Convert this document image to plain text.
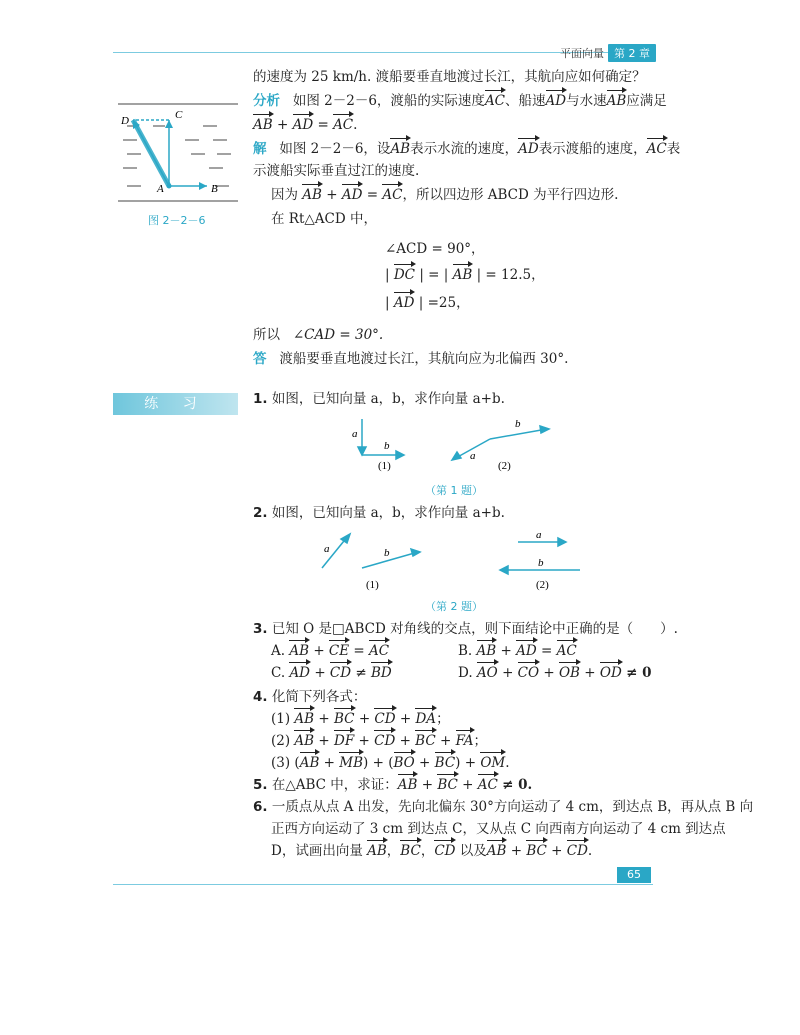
平面向量 第 2 章
D	C
A	B
图 2－2－6
的速度为 25 km/h. 渡船要垂直地渡过长江，其航向应如何确定？
分析 如图 2－2－6，渡船的实际速度AC、船速AD与水速AB应满足
AB + AD = AC.
解 如图 2－2－6，设AB表示水流的速度，AD表示渡船的速度，AC表
示渡船实际垂直过江的速度.
因为 AB + AD = AC，所以四边形 ABCD 为平行四边形.
在 Rt△ACD 中，
∠ACD = 90°，
| DC | = | AB | = 12.5，
| AD | =25，
所以 ∠CAD = 30°.
答 渡船要垂直地渡过长江，其航向应为北偏西 30°.
练 习	1. 如图，已知向量 a，b，求作向量 a+b.
a
b
b
a
(1)	(2)
（第 1 题）
2. 如图，已知向量 a，b，求作向量 a+b.
a	b
a
b
(1)	(2)
（第 2 题）
3. 已知 O 是□ABCD 对角线的交点，则下面结论中正确的是（　　）.
A. AB + CE = AC	B. AB + AD = AC
C. AD + CD ≠ BD	D. AO + CO + OB + OD ≠ 0
4. 化简下列各式：
(1) AB + BC + CD + DA；
(2) AB + DF + CD + BC + FA；
(3) (AB + MB) + (BO + BC) + OM.
5. 在△ABC 中，求证：AB + BC + AC ≠ 0.
6. 一质点从点 A 出发，先向北偏东 30°方向运动了 4 cm，到达点 B，再从点 B 向
正西方向运动了 3 cm 到达点 C，又从点 C 向西南方向运动了 4 cm 到达点
D，试画出向量 AB，BC，CD 以及AB + BC + CD.
65
